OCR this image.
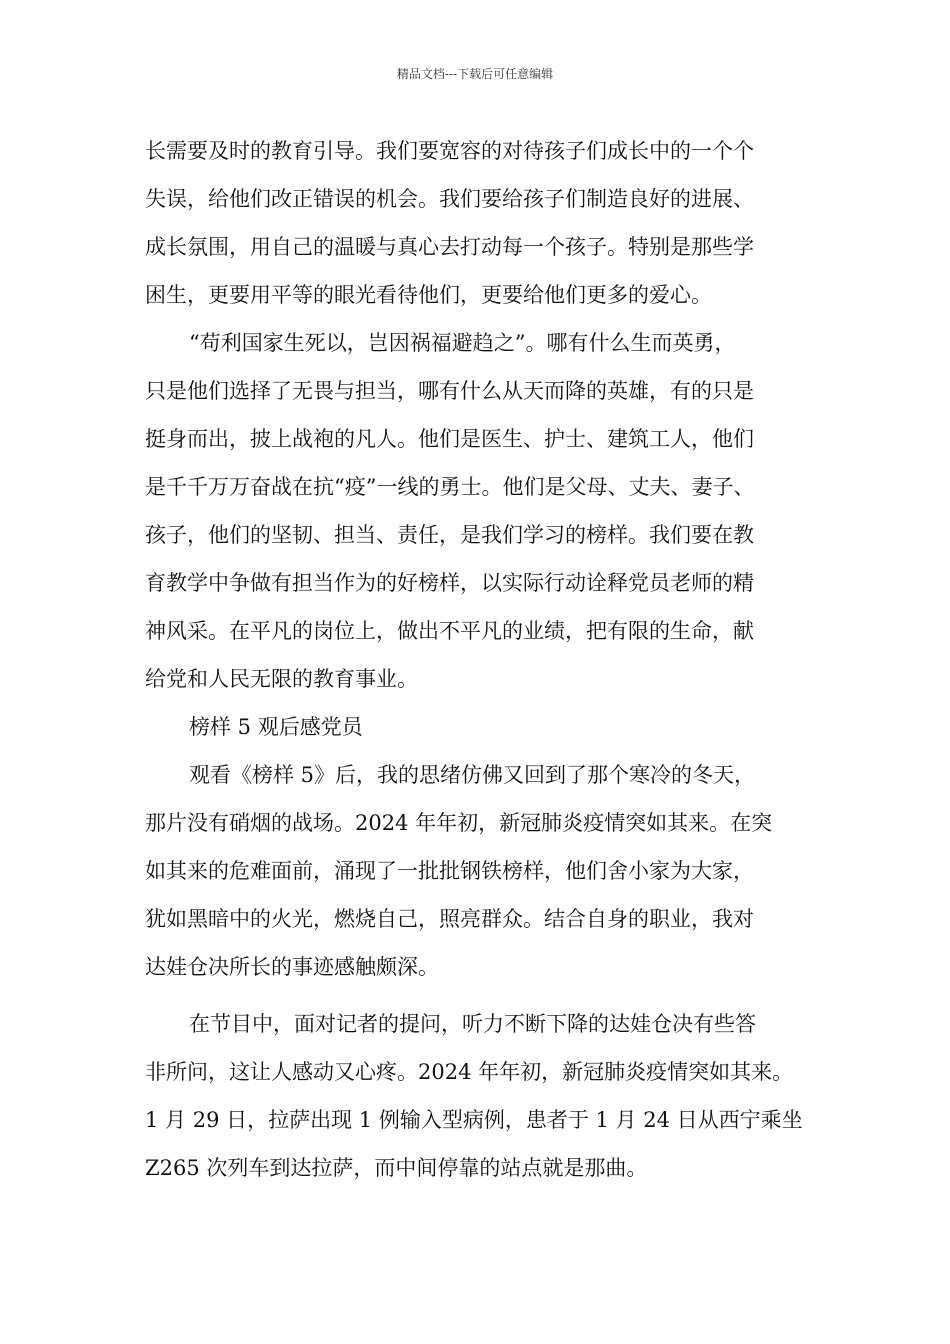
精品文档---下载后可任意编辑
长需要及时的教育引导。我们要宽容的对待孩子们成长中的一个个
失误，给他们改正错误的机会。我们要给孩子们制造良好的进展、
成长氛围，用自己的温暖与真心去打动每一个孩子。特别是那些学
困生，更要用平等的眼光看待他们，更要给他们更多的爱心。
“苟利国家生死以，岂因祸福避趋之”。哪有什么生而英勇，
只是他们选择了无畏与担当，哪有什么从天而降的英雄，有的只是
挺身而出，披上战袍的凡人。他们是医生、护士、建筑工人，他们
是千千万万奋战在抗“疫”一线的勇士。他们是父母、丈夫、妻子、
孩子，他们的坚韧、担当、责任，是我们学习的榜样。我们要在教
育教学中争做有担当作为的好榜样，以实际行动诠释党员老师的精
神风采。在平凡的岗位上，做出不平凡的业绩，把有限的生命，献
给党和人民无限的教育事业。
榜样 5 观后感党员
观看《榜样 5》后，我的思绪仿佛又回到了那个寒冷的冬天，
那片没有硝烟的战场。2024 年年初，新冠肺炎疫情突如其来。在突
如其来的危难面前，涌现了一批批钢铁榜样，他们舍小家为大家，
犹如黑暗中的火光，燃烧自己，照亮群众。结合自身的职业，我对
达娃仓决所长的事迹感触颇深。
在节目中，面对记者的提问，听力不断下降的达娃仓决有些答
非所问，这让人感动又心疼。2024 年年初，新冠肺炎疫情突如其来。
1 月 29 日，拉萨出现 1 例输入型病例，患者于 1 月 24 日从西宁乘坐
Z265 次列车到达拉萨，而中间停靠的站点就是那曲。
